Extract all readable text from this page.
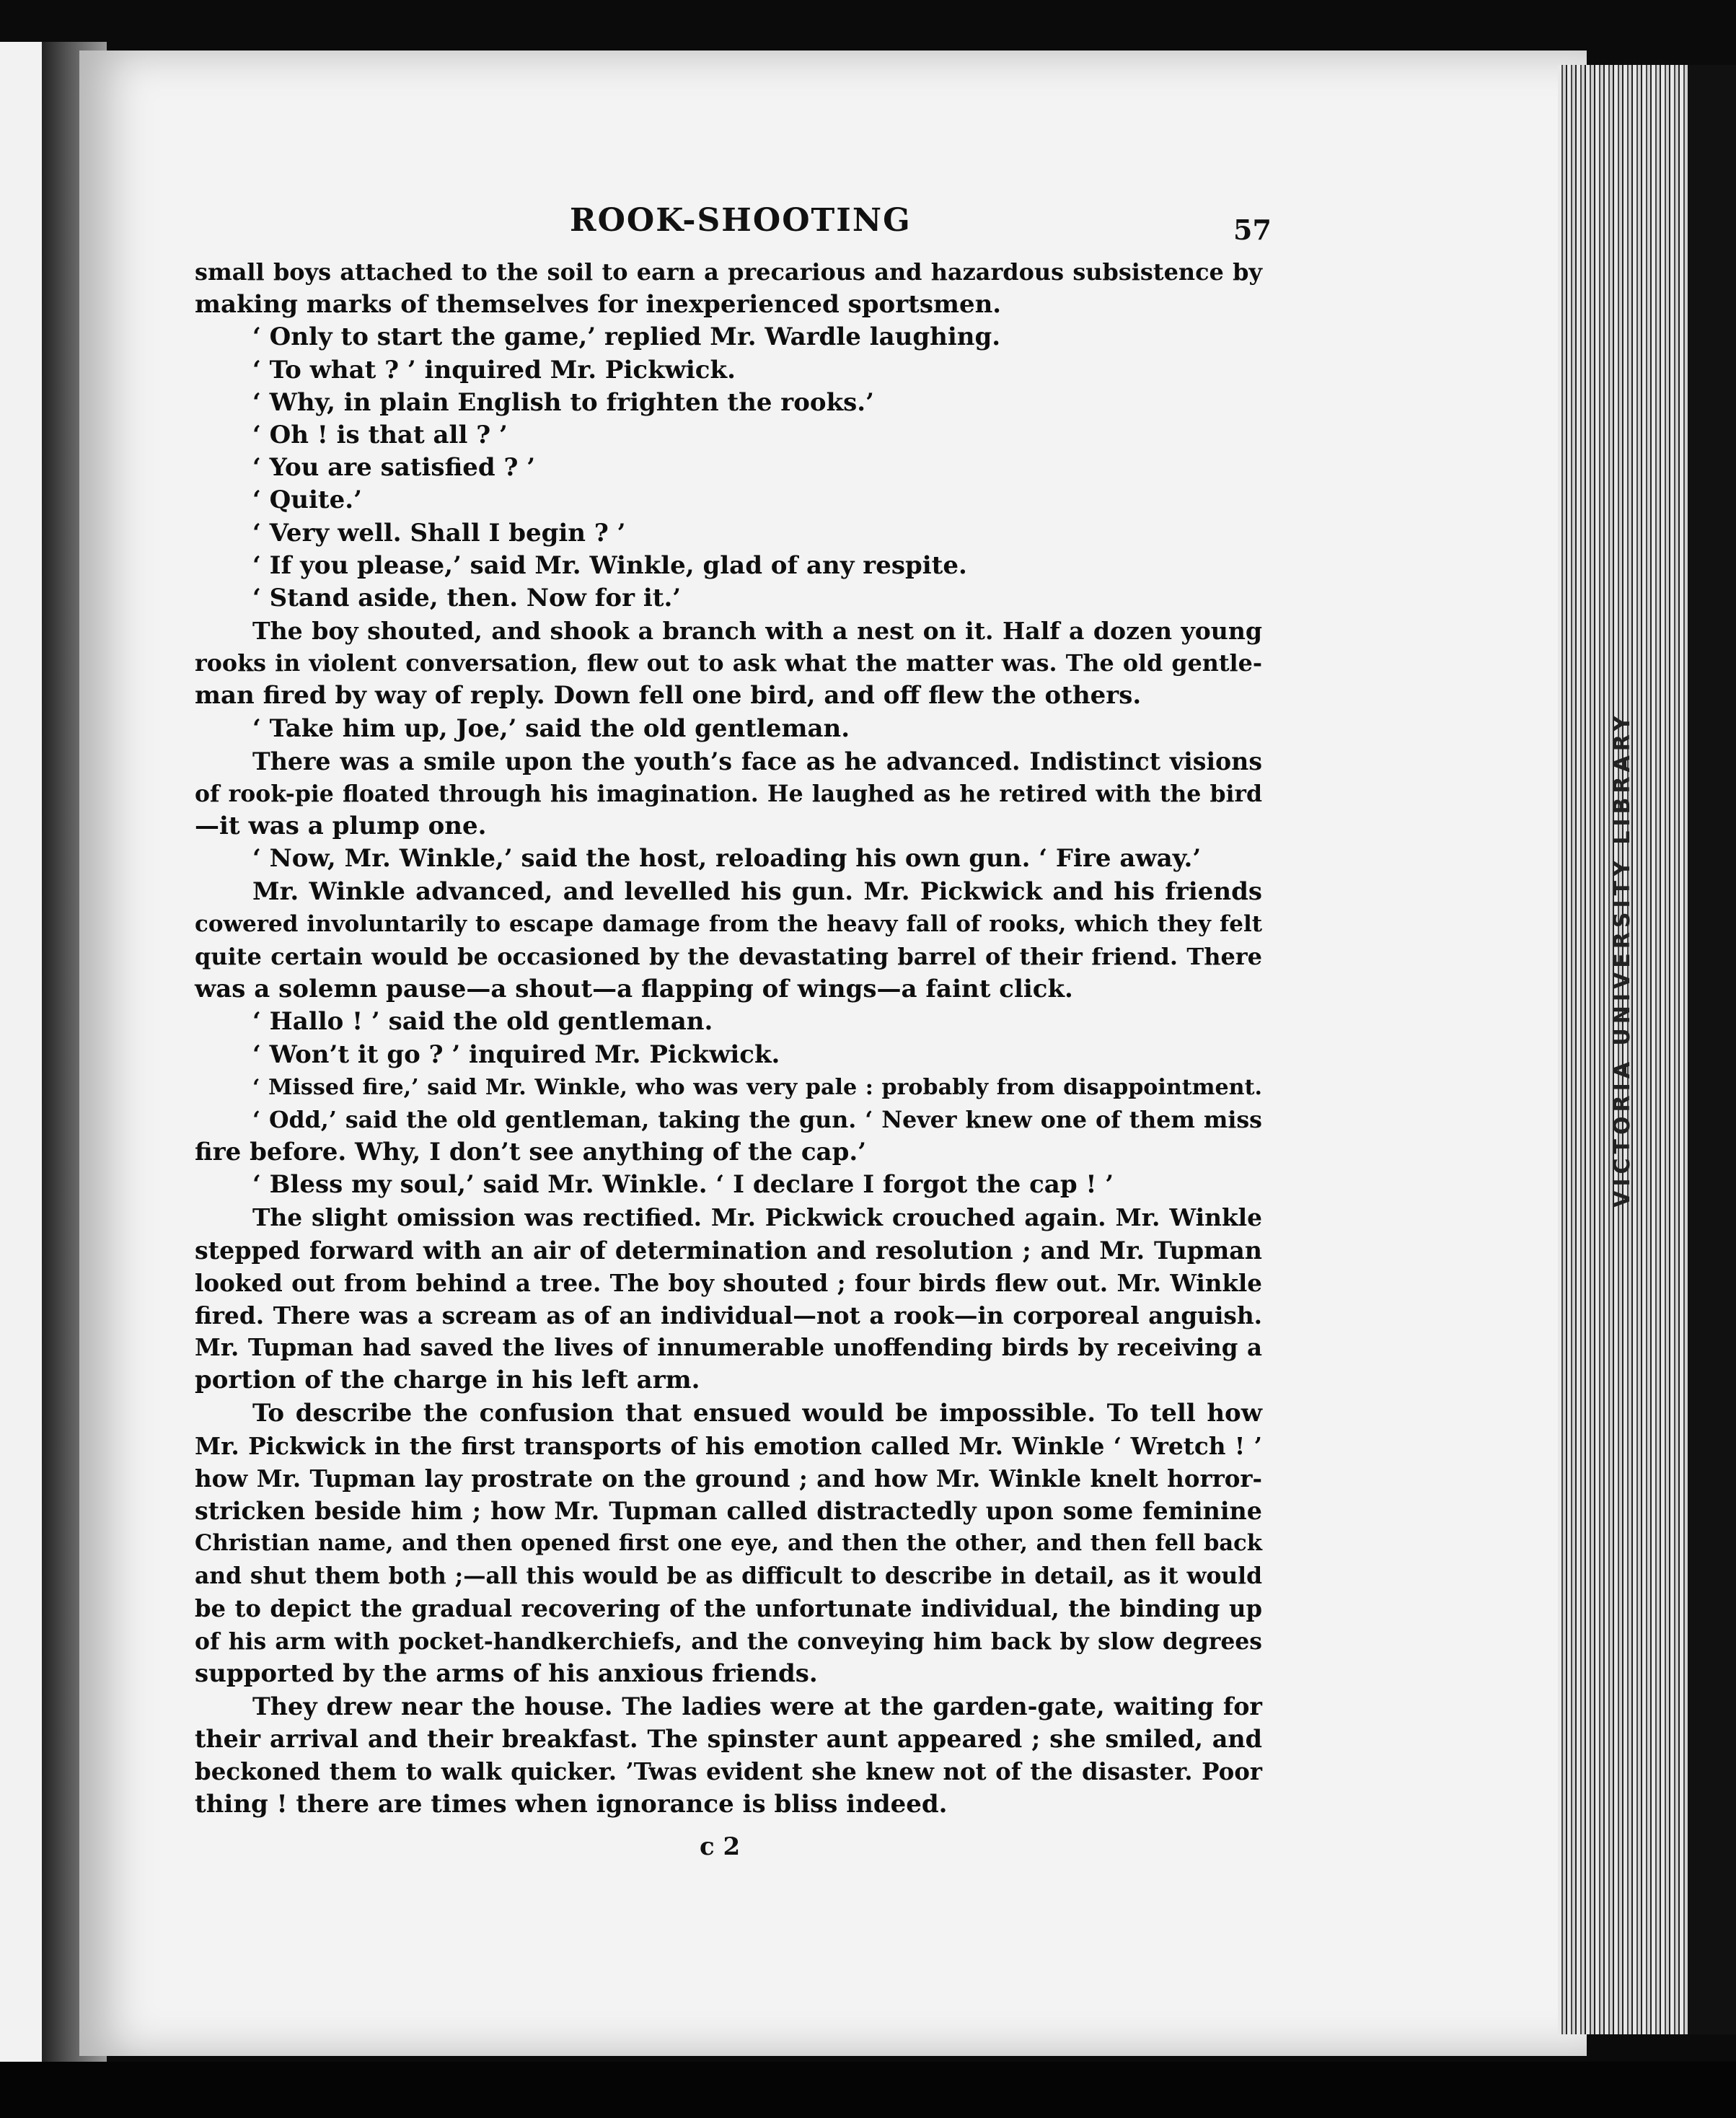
VICTORIA UNIVERSITY LIBRARY
ROOK-SHOOTING	57
small boys attached to the soil to earn a precarious and hazardous subsistence by
making marks of themselves for inexperienced sportsmen.
‘ Only to start the game,’ replied Mr. Wardle laughing.
‘ To what ? ’ inquired Mr. Pickwick.
‘ Why, in plain English to frighten the rooks.’
‘ Oh ! is that all ? ’
‘ You are satisfied ? ’
‘ Quite.’
‘ Very well. Shall I begin ? ’
‘ If you please,’ said Mr. Winkle, glad of any respite.
‘ Stand aside, then. Now for it.’
The boy shouted, and shook a branch with a nest on it. Half a dozen young
rooks in violent conversation, flew out to ask what the matter was. The old gentle-
man fired by way of reply. Down fell one bird, and off flew the others.
‘ Take him up, Joe,’ said the old gentleman.
There was a smile upon the youth’s face as he advanced. Indistinct visions
of rook-pie floated through his imagination. He laughed as he retired with the bird
—it was a plump one.
‘ Now, Mr. Winkle,’ said the host, reloading his own gun. ‘ Fire away.’
Mr. Winkle advanced, and levelled his gun. Mr. Pickwick and his friends
cowered involuntarily to escape damage from the heavy fall of rooks, which they felt
quite certain would be occasioned by the devastating barrel of their friend. There
was a solemn pause—a shout—a flapping of wings—a faint click.
‘ Hallo ! ’ said the old gentleman.
‘ Won’t it go ? ’ inquired Mr. Pickwick.
‘ Missed fire,’ said Mr. Winkle, who was very pale : probably from disappointment.
‘ Odd,’ said the old gentleman, taking the gun. ‘ Never knew one of them miss
fire before. Why, I don’t see anything of the cap.’
‘ Bless my soul,’ said Mr. Winkle. ‘ I declare I forgot the cap ! ’
The slight omission was rectified. Mr. Pickwick crouched again. Mr. Winkle
stepped forward with an air of determination and resolution ; and Mr. Tupman
looked out from behind a tree. The boy shouted ; four birds flew out. Mr. Winkle
fired. There was a scream as of an individual—not a rook—in corporeal anguish.
Mr. Tupman had saved the lives of innumerable unoffending birds by receiving a
portion of the charge in his left arm.
To describe the confusion that ensued would be impossible. To tell how
Mr. Pickwick in the first transports of his emotion called Mr. Winkle ‘ Wretch ! ’
how Mr. Tupman lay prostrate on the ground ; and how Mr. Winkle knelt horror-
stricken beside him ; how Mr. Tupman called distractedly upon some feminine
Christian name, and then opened first one eye, and then the other, and then fell back
and shut them both ;—all this would be as difficult to describe in detail, as it would
be to depict the gradual recovering of the unfortunate individual, the binding up
of his arm with pocket-handkerchiefs, and the conveying him back by slow degrees
supported by the arms of his anxious friends.
They drew near the house. The ladies were at the garden-gate, waiting for
their arrival and their breakfast. The spinster aunt appeared ; she smiled, and
beckoned them to walk quicker. ’Twas evident she knew not of the disaster. Poor
thing ! there are times when ignorance is bliss indeed.
c 2
